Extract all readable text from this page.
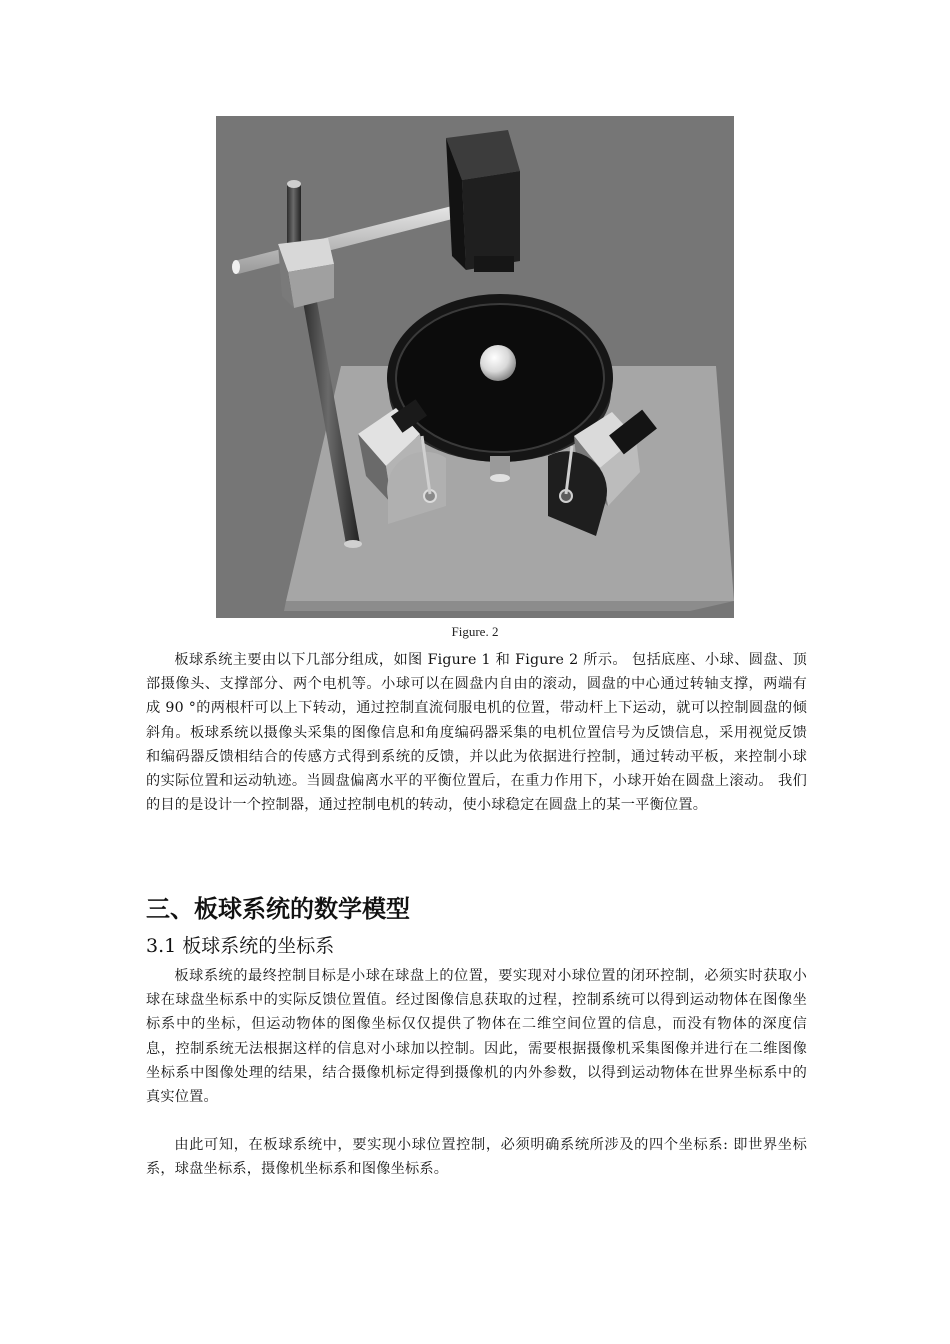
Figure. 2

板球系统主要由以下几部分组成，如图 Figure 1 和 Figure 2 所示。 包括底座、小球、圆盘、顶部摄像头、支撑部分、两个电机等。小球可以在圆盘内自由的滚动，圆盘的中心通过转轴支撑，两端有成 90 °的两根杆可以上下转动，通过控制直流伺服电机的位置，带动杆上下运动，就可以控制圆盘的倾斜角。板球系统以摄像头采集的图像信息和角度编码器采集的电机位置信号为反馈信息，采用视觉反馈和编码器反馈相结合的传感方式得到系统的反馈，并以此为依据进行控制，通过转动平板，来控制小球的实际位置和运动轨迹。当圆盘偏离水平的平衡位置后，在重力作用下，小球开始在圆盘上滚动。 我们的目的是设计一个控制器，通过控制电机的转动，使小球稳定在圆盘上的某一平衡位置。

三、板球系统的数学模型
3.1 板球系统的坐标系

板球系统的最终控制目标是小球在球盘上的位置，要实现对小球位置的闭环控制，必须实时获取小球在球盘坐标系中的实际反馈位置值。经过图像信息获取的过程，控制系统可以得到运动物体在图像坐标系中的坐标，但运动物体的图像坐标仅仅提供了物体在二维空间位置的信息，而没有物体的深度信息，控制系统无法根据这样的信息对小球加以控制。因此，需要根据摄像机采集图像并进行在二维图像坐标系中图像处理的结果，结合摄像机标定得到摄像机的内外参数，以得到运动物体在世界坐标系中的真实位置。

由此可知，在板球系统中，要实现小球位置控制，必须明确系统所涉及的四个坐标系: 即世界坐标系，球盘坐标系，摄像机坐标系和图像坐标系。
